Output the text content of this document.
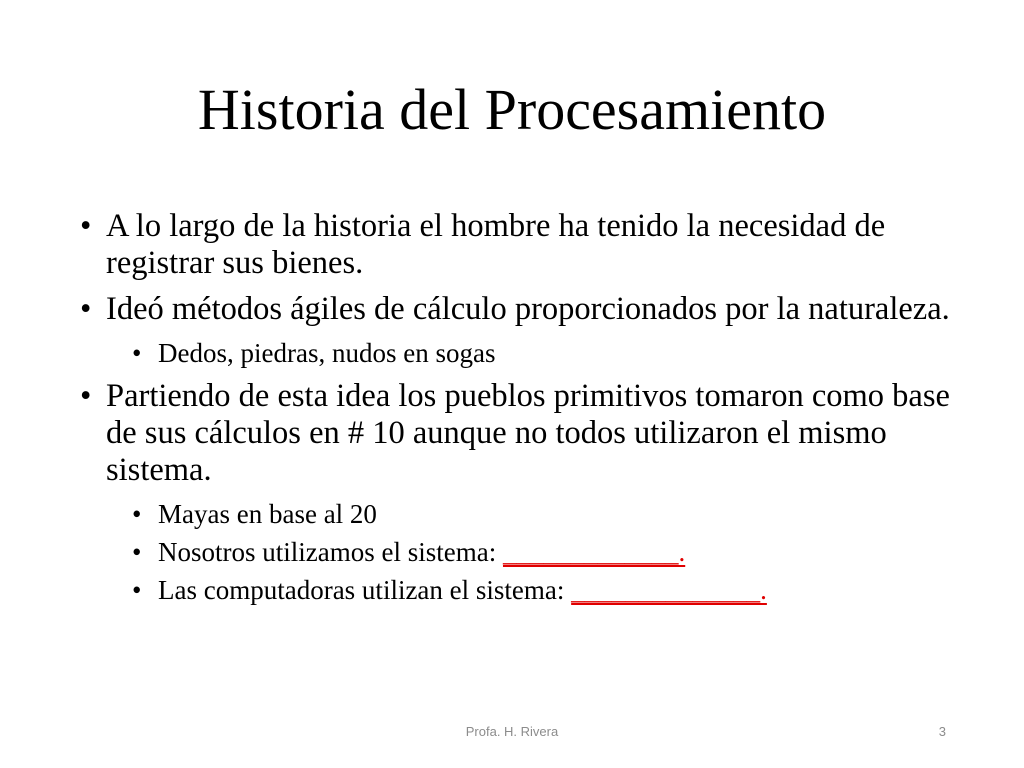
Historia del Procesamiento
• A lo largo de la historia el hombre ha tenido la necesidad de registrar sus bienes.
• Ideó métodos ágiles de cálculo proporcionados por la naturaleza.
• Dedos, piedras, nudos en sogas
• Partiendo de esta idea los pueblos primitivos tomaron como base de sus cálculos en # 10 aunque no todos utilizaron el mismo sistema.
• Mayas en base al 20
• Nosotros utilizamos el sistema: _____________.
• Las computadoras utilizan el sistema: ______________.
Profa. H. Rivera	3
